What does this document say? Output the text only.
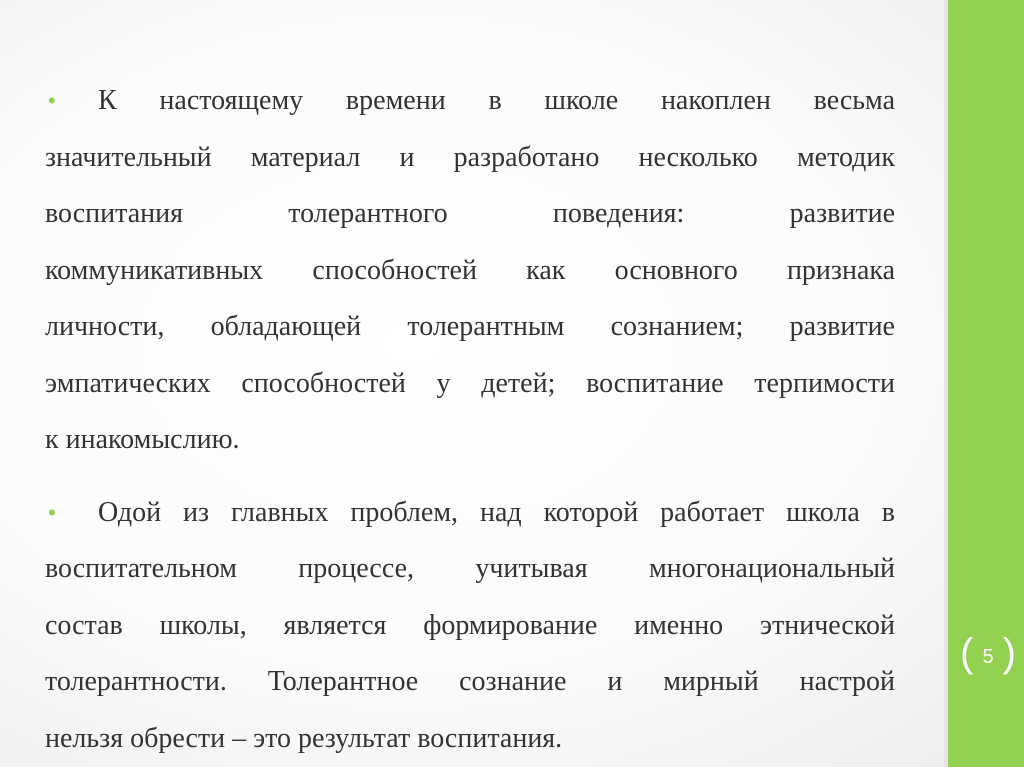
( 5 )
•	К настоящему времени в школе накоплен весьма
значительный материал и разработано несколько методик
воспитания толерантного поведения: развитие
коммуникативных способностей как основного признака
личности, обладающей толерантным сознанием; развитие
эмпатических способностей у детей; воспитание терпимости
к инакомыслию.
•	Одой из главных проблем, над которой работает школа в
воспитательном процессе, учитывая многонациональный
состав школы, является формирование именно этнической
толерантности. Толерантное сознание и мирный настрой
нельзя обрести – это результат воспитания.
